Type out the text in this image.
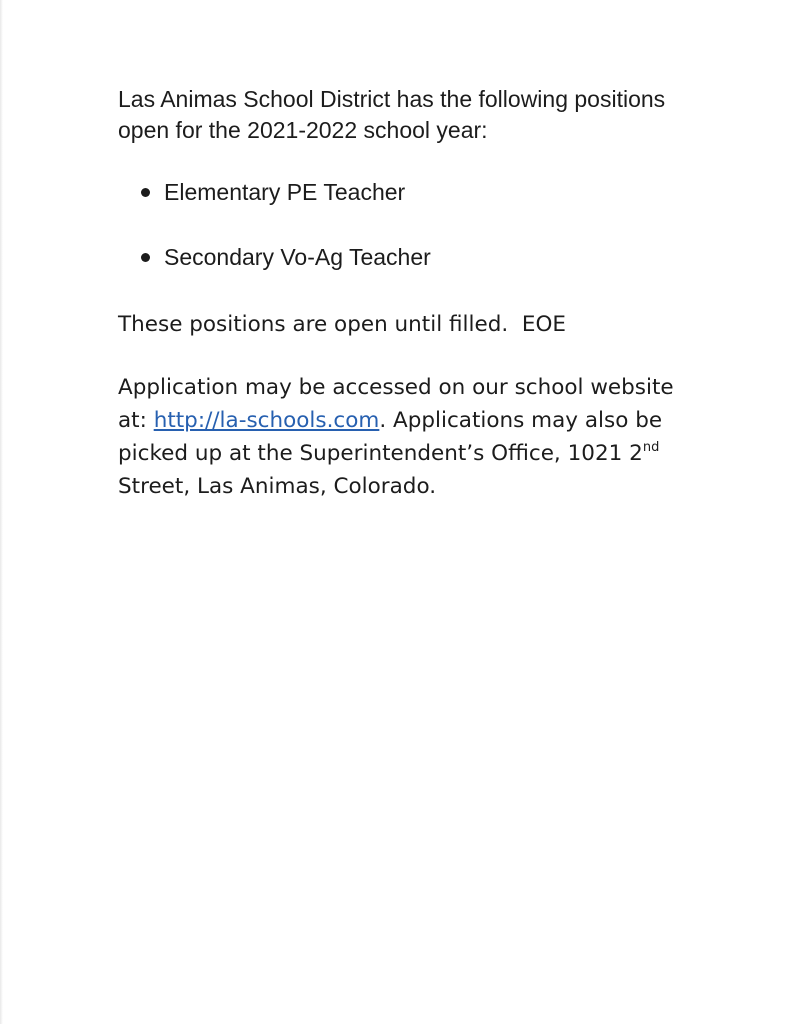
Las Animas School District has the following positions open for the 2021-2022 school year:

Elementary PE Teacher
Secondary Vo-Ag Teacher

These positions are open until filled.  EOE

Application may be accessed on our school website at: http://la-schools.com. Applications may also be picked up at the Superintendent’s Office, 1021 2nd Street, Las Animas, Colorado.
